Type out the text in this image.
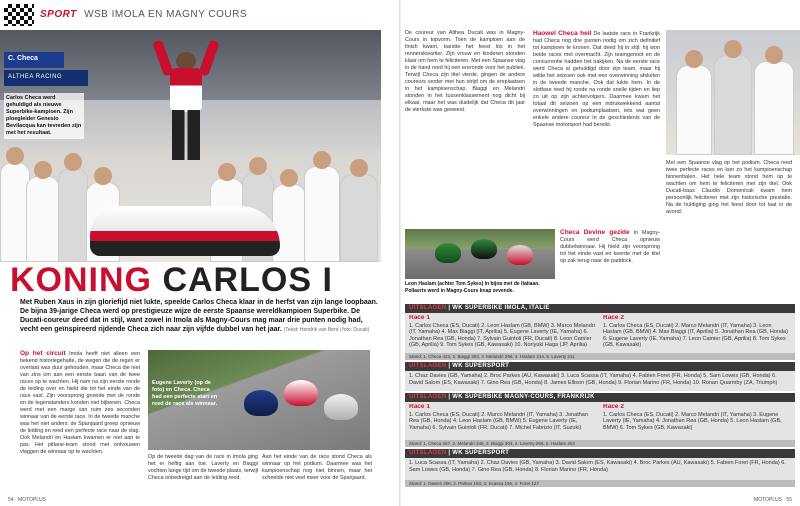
SPORT WSB IMOLA EN MAGNY COURS
C. Checa
ALTHEA RACING
Carlos Checa werd gehuldigd als nieuwe Superbike-kampioen. Zijn ploegleider Genesio Bevilacqua kan tevreden zijn met het resultaat.
KONING CARLOS I
Met Ruben Xaus in zijn gloriefijd niet lukte, speelde Carlos Checa klaar in de herfst van zijn lange loopbaan. De bijna 39-jarige Checa werd op prestigieuze wijze de eerste Spaanse wereldkampioen Superbike. De Ducati-coureur deed dat in stijl, want zowel in Imola als Magny-Cours mag maar drie punten nodig had, vecht een geïnspireerd rijdende Checa zich naar zijn vijfde dubbel van het jaar. (Tekst: Hendrik van Bent | foto: Ducati)
Op het circuit Imola heeft niet alleen een bekend historiegehalte, de wegen die de regen er overlaat was duur gehouden, maar Checa die niet van zins om aan een eerste baan van de twee races op te wachten. Hij nam na zijn eerste ronde de leiding over en hield die tot het einde van de race vast. Zijn voorsprong groeide met de ronde en de tegenstanders konden niet bijbenen. Checa werd met een marge van ruim zes seconden winnaar van de eerste race. In de tweede manche was het niet anders: de Spanjaard greep opnieuw de leiding en reed een perfecte race naar de vlag. Ook Melandri en Haslam kwamen er niet aan te pas. Het pitlane-team stond met ontvouwen vlaggen de winnaar op te wachten.
Eugene Laverty (op de foto) en Checa. Checa had een perfecte start en reed de race als winnaar.
Op de tweede dag van de race in Imola ging het er heftig aan toe. Laverty en Biaggi vochten lange tijd om de tweede plaats, terwijl Checa onbedreigd aan de leiding reed.
Aan het einde van de race stond Checa als winnaar op het podium. Daarmee was het kampioenschap nog niet binnen, maar het scheelde niet veel meer voor de Spanjaard.
De coureur van Althea Ducati was in Magny-Cours in topvorm. Toen de kampioen aan de finish kwam, barstte het feest los in het rennerskwartier. Zijn vrouw en kinderen stonden klaar om hem te feliciteren. Met een Spaanse vlag in de hand reed hij een ereronde voor het publiek. Terwijl Checa zijn titel vierde, gingen de andere coureurs verder met hun strijd om de ereplaatsen in het kampioenschap. Biaggi en Melandri stonden in het tussenklassement nog dicht bij elkaar, maar het was duidelijk dat Checa dit jaar de sterkste was geweest.
Haowel Checa heil De laatste race in Frankrijk had Checa nog drie punten nodig om zich definitief tot kampioen te kronen. Dat deed hij in stijl: hij won beide races met overmacht. Zijn teamgenoot en de concurrentie hadden het nakijken. Na de eerste race werd Checa al gehuldigd door zijn team, maar hij wilde het seizoen ook met een overwinning afsluiten in de tweede manche. Ook dat lukte hem. In de slotfase reed hij ronde na ronde snelle tijden en liep zo uit op zijn achtervolgers. Daarmee kwam het totaal dit seizoen op een indrukwekkend aantal overwinningen en podiumplaatsen, iets wat geen enkele andere coureur in de geschiedenis van de Spaanse motorsport had bereikt.
Leon Haslam (achter Tom Sykes) in bijna met de Italiaan. Pollaerts werd in Magny-Cours knap zevende.
Checa Devine gezide In Magny-Cours werd Checa opnieuw dubbelwinnaar. Hij hield zijn voorsprong tot het einde vast en keerde met de titel op zak terug naar de paddock.
Met een Spaanse vlag op het podium. Checa reed twee perfecte races en kon zo het kampioenschap binnenhalen. Het hele team stond hem op te wachten om hem te feliciteren met zijn titel. Ook Ducati-baas Claudio Domenicali kwam hem persoonlijk feliciteren met zijn historische prestatie. Na de huldiging ging het feest door tot laat in de avond.
UITSLAGEN | WK SUPERBIKE IMOLA, ITALIË
Race 1
1. Carlos Checa (ES, Ducati) 2. Leon Haslam (GB, BMW) 3. Marco Melandri (IT, Yamaha) 4. Max Biaggi (IT, Aprilia) 5. Eugene Laverty (IE, Yamaha) 6. Jonathan Rea (GB, Honda) 7. Sylvain Guintoli (FR, Ducati) 8. Leon Camier (GB, Aprilia) 9. Tom Sykes (GB, Kawasaki) 10. Noriyuki Haga (JP, Aprilia)
Race 2
1. Carlos Checa (ES, Ducati) 2. Marco Melandri (IT, Yamaha) 3. Leon Haslam (GB, BMW) 4. Max Biaggi (IT, Aprilia) 5. Jonathan Rea (GB, Honda) 6. Eugene Laverty (IE, Yamaha) 7. Leon Camier (GB, Aprilia) 8. Tom Sykes (GB, Kawasaki)
Stand: 1. Checa 423, 2. Biaggi 303, 3. Melandri 298, 4. Haslam 214, 5. Laverty 211
UITSLAGEN | WK SUPERSPORT
1. Chaz Davies (GB, Yamaha) 2. Broc Parkes (AU, Kawasaki) 3. Luca Scassa (IT, Yamaha) 4. Fabien Foret (FR, Honda) 5. Sam Lowes (GB, Honda) 6. David Salom (ES, Kawasaki) 7. Gino Rea (GB, Honda) 8. James Ellison (GB, Honda) 9. Florian Marino (FR, Honda) 10. Ronan Quarmby (ZA, Triumph)
UITSLAGEN | WK SUPERBIKE MAGNY-COURS, FRANKRIJK
Race 1
1. Carlos Checa (ES, Ducati) 2. Marco Melandri (IT, Yamaha) 3. Jonathan Rea (GB, Honda) 4. Leon Haslam (GB, BMW) 5. Eugene Laverty (IE, Yamaha) 6. Sylvain Guintoli (FR, Ducati) 7. Michel Fabrizio (IT, Suzuki)
Race 2
1. Carlos Checa (ES, Ducati) 2. Marco Melandri (IT, Yamaha) 3. Eugene Laverty (IE, Yamaha) 4. Jonathan Rea (GB, Honda) 5. Leon Haslam (GB, BMW) 6. Tom Sykes (GB, Kawasaki)
Stand: 1. Checa 467, 2. Melandri 345, 3. Biaggi 303, 4. Laverty 266, 5. Haslam 253
UITSLAGEN | WK SUPERSPORT
1. Luca Scassa (IT, Yamaha) 2. Chaz Davies (GB, Yamaha) 3. David Salom (ES, Kawasaki) 4. Broc Parkes (AU, Kawasaki) 5. Fabien Foret (FR, Honda) 6. Sam Lowes (GB, Honda) 7. Gino Rea (GB, Honda) 8. Florian Marino (FR, Honda)
Stand: 1. Davies 206, 2. Parkes 183, 3. Scassa 166, 4. Foret 127
54 · MOTOPLUS	MOTOPLUS · 55
